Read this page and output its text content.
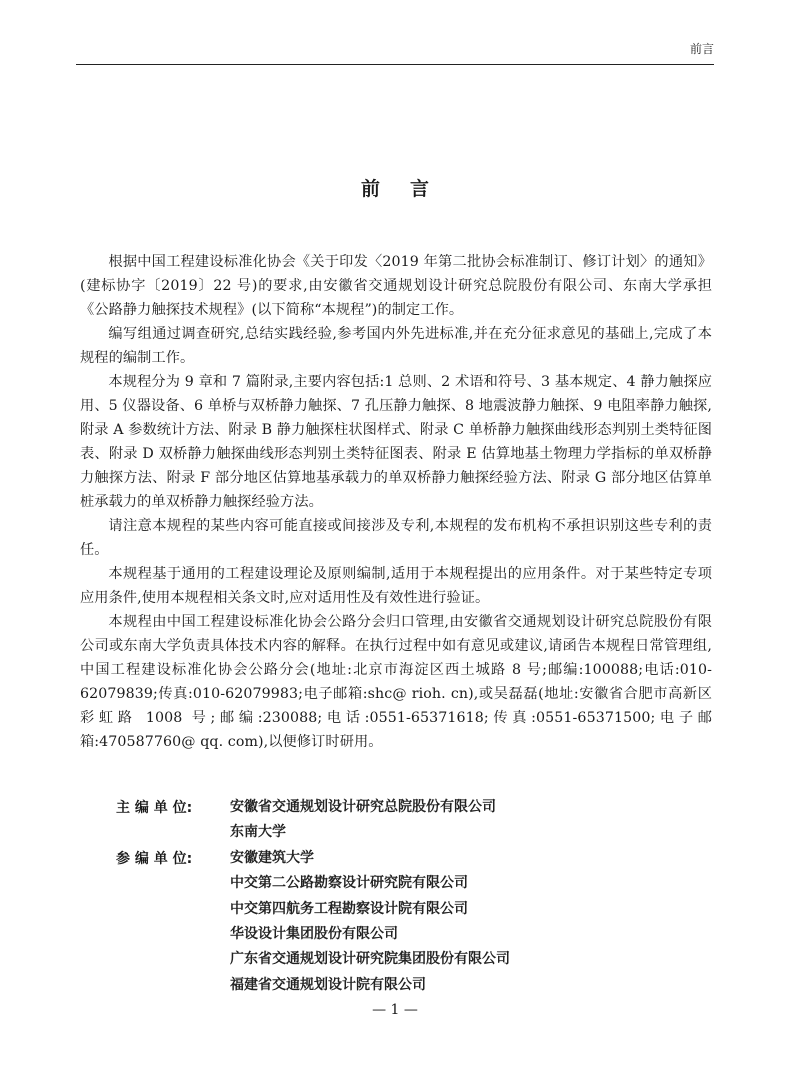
前言
前 言

根据中国工程建设标准化协会《关于印发〈2019 年第二批协会标准制订、修订计划〉的通知》(建标协字〔2019〕22 号)的要求,由安徽省交通规划设计研究总院股份有限公司、东南大学承担《公路静力触探技术规程》(以下简称“本规程”)的制定工作。

编写组通过调查研究,总结实践经验,参考国内外先进标准,并在充分征求意见的基础上,完成了本规程的编制工作。

本规程分为 9 章和 7 篇附录,主要内容包括:1 总则、2 术语和符号、3 基本规定、4 静力触探应用、5 仪器设备、6 单桥与双桥静力触探、7 孔压静力触探、8 地震波静力触探、9 电阻率静力触探,附录 A 参数统计方法、附录 B 静力触探柱状图样式、附录 C 单桥静力触探曲线形态判别土类特征图表、附录 D 双桥静力触探曲线形态判别土类特征图表、附录 E 估算地基土物理力学指标的单双桥静力触探方法、附录 F 部分地区估算地基承载力的单双桥静力触探经验方法、附录 G 部分地区估算单桩承载力的单双桥静力触探经验方法。

请注意本规程的某些内容可能直接或间接涉及专利,本规程的发布机构不承担识别这些专利的责任。

本规程基于通用的工程建设理论及原则编制,适用于本规程提出的应用条件。对于某些特定专项应用条件,使用本规程相关条文时,应对适用性及有效性进行验证。

本规程由中国工程建设标准化协会公路分会归口管理,由安徽省交通规划设计研究总院股份有限公司或东南大学负责具体技术内容的解释。在执行过程中如有意见或建议,请函告本规程日常管理组,中国工程建设标准化协会公路分会(地址:北京市海淀区西土城路 8 号;邮编:100088;电话:010-62079839;传真:010-62079983;电子邮箱:shc@ rioh. cn),或吴磊磊(地址:安徽省合肥市高新区彩虹路 1008 号;邮编:230088;电话:0551-65371618;传真:0551-65371500;电子邮箱:470587760@ qq. com),以便修订时研用。

主 编 单 位:	安徽省交通规划设计研究总院股份有限公司
东南大学
参 编 单 位:	安徽建筑大学
中交第二公路勘察设计研究院有限公司
中交第四航务工程勘察设计院有限公司
华设设计集团股份有限公司
广东省交通规划设计研究院集团股份有限公司
福建省交通规划设计院有限公司
— 1 —
